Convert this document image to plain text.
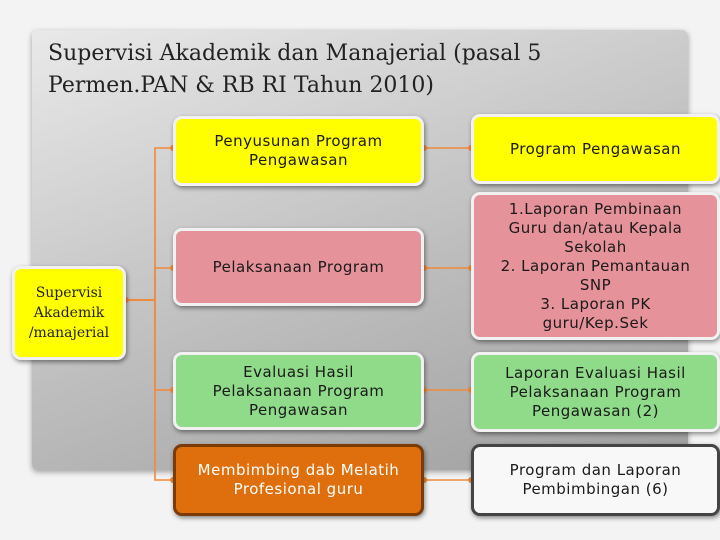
Supervisi Akademik dan Manajerial (pasal 5 Permen.PAN & RB RI Tahun 2010)
Supervisi
Akademik
/manajerial
Penyusunan Program
Pengawasan
Pelaksanaan Program
Evaluasi Hasil
Pelaksanaan Program
Pengawasan
Membimbing dab Melatih
Profesional guru
Program Pengawasan
1.Laporan Pembinaan
Guru dan/atau Kepala
Sekolah
2. Laporan Pemantauan
SNP
3. Laporan PK
guru/Kep.Sek
Laporan Evaluasi Hasil
Pelaksanaan Program
Pengawasan (2)
Program dan Laporan
Pembimbingan (6)
